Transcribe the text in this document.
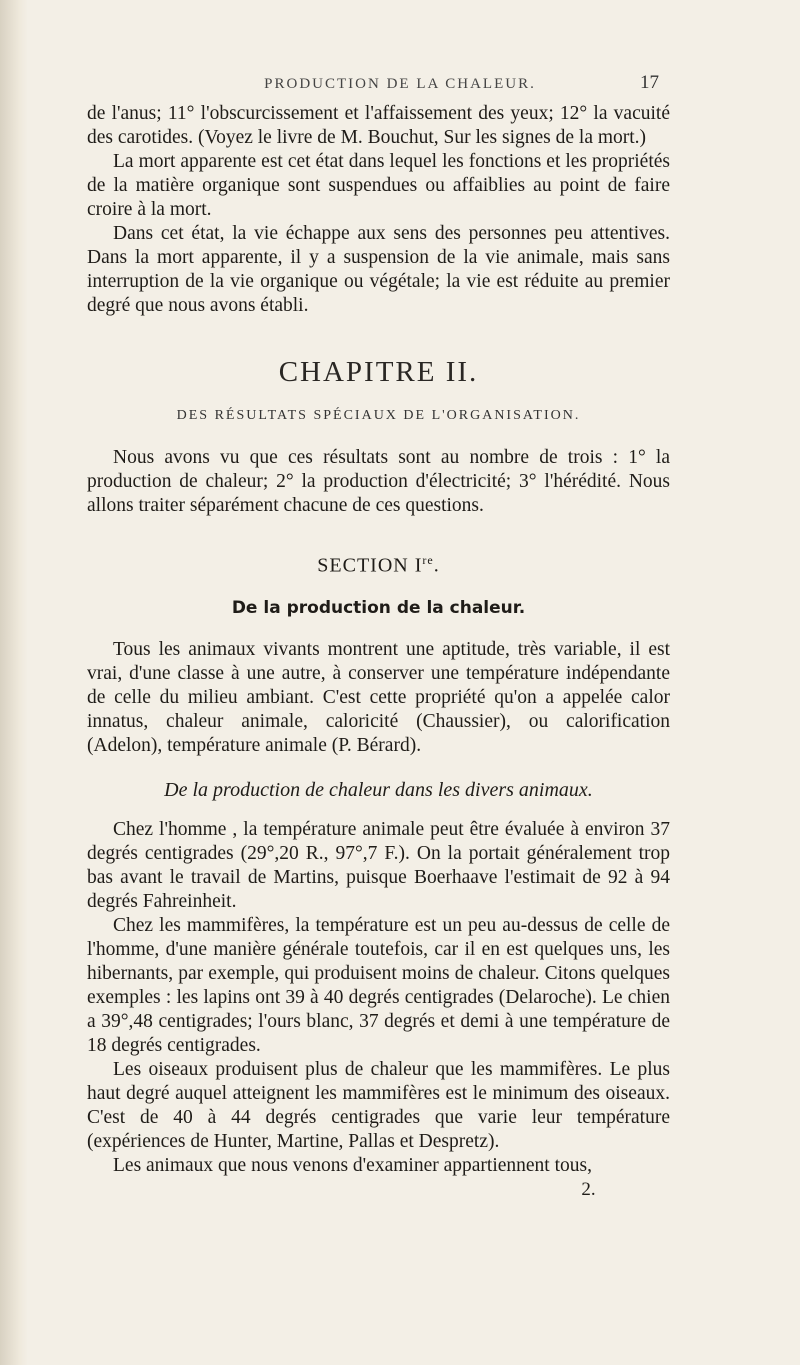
PRODUCTION DE LA CHALEUR.	17

de l'anus; 11° l'obscurcissement et l'affaissement des yeux; 12° la vacuité des carotides. (Voyez le livre de M. Bouchut, Sur les signes de la mort.)

La mort apparente est cet état dans lequel les fonctions et les propriétés de la matière organique sont suspendues ou affaiblies au point de faire croire à la mort.

Dans cet état, la vie échappe aux sens des personnes peu attentives. Dans la mort apparente, il y a suspension de la vie animale, mais sans interruption de la vie organique ou végétale; la vie est réduite au premier degré que nous avons établi.

CHAPITRE II.
DES RÉSULTATS SPÉCIAUX DE L'ORGANISATION.

Nous avons vu que ces résultats sont au nombre de trois : 1° la production de chaleur; 2° la production d'électricité; 3° l'hérédité. Nous allons traiter séparément chacune de ces questions.

SECTION Ire.
De la production de la chaleur.

Tous les animaux vivants montrent une aptitude, très variable, il est vrai, d'une classe à une autre, à conserver une température indépendante de celle du milieu ambiant. C'est cette propriété qu'on a appelée calor innatus, chaleur animale, caloricité (Chaussier), ou calorification (Adelon), température animale (P. Bérard).

De la production de chaleur dans les divers animaux.

Chez l'homme , la température animale peut être évaluée à environ 37 degrés centigrades (29°,20 R., 97°,7 F.). On la portait généralement trop bas avant le travail de Martins, puisque Boerhaave l'estimait de 92 à 94 degrés Fahreinheit.

Chez les mammifères, la température est un peu au-dessus de celle de l'homme, d'une manière générale toutefois, car il en est quelques uns, les hibernants, par exemple, qui produisent moins de chaleur. Citons quelques exemples : les lapins ont 39 à 40 degrés centigrades (Delaroche). Le chien a 39°,48 centigrades; l'ours blanc, 37 degrés et demi à une température de 18 degrés centigrades.

Les oiseaux produisent plus de chaleur que les mammifères. Le plus haut degré auquel atteignent les mammifères est le minimum des oiseaux. C'est de 40 à 44 degrés centigrades que varie leur température (expériences de Hunter, Martine, Pallas et Despretz).

Les animaux que nous venons d'examiner appartiennent tous,

2.
